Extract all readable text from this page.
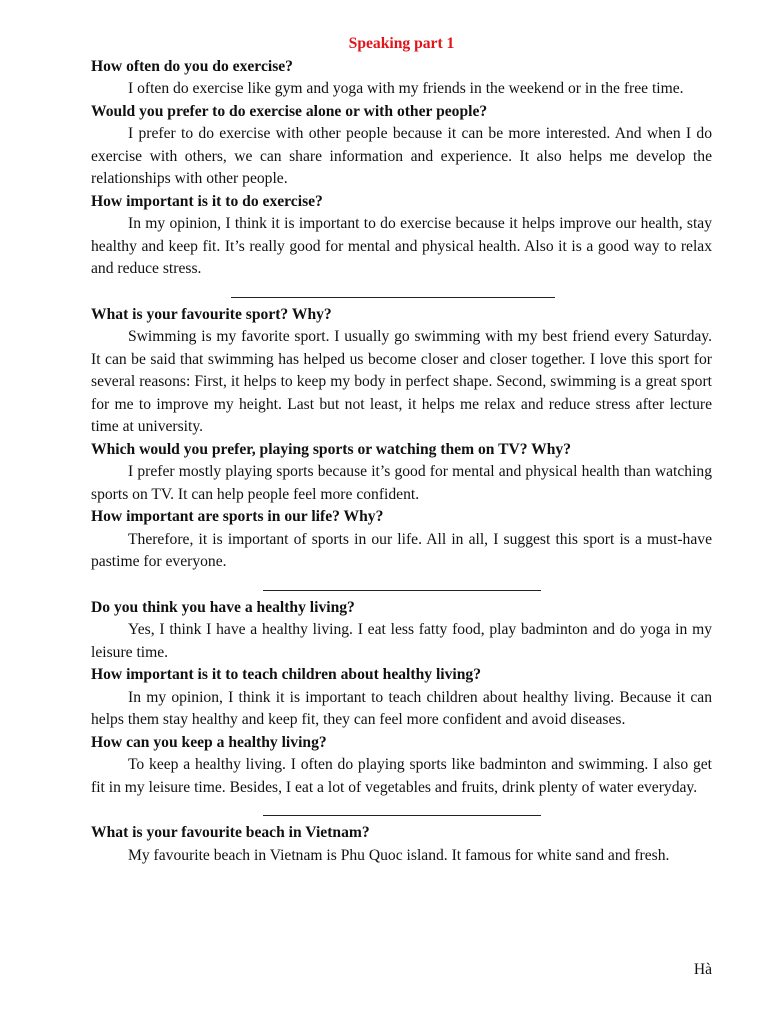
Speaking part 1

How often do you do exercise?

I often do exercise like gym and yoga with my friends in the weekend or in the free time.

Would you prefer to do exercise alone or with other people?

I prefer to do exercise with other people because it can be more interested. And when I do exercise with others, we can share information and experience. It also helps me develop the relationships with other people.

How important is it to do exercise?

In my opinion, I think it is important to do exercise because it helps improve our health, stay healthy and keep fit. It’s really good for mental and physical health. Also it is a good way to relax and reduce stress.

What is your favourite sport? Why?

Swimming is my favorite sport. I usually go swimming with my best friend every Saturday. It can be said that swimming has helped us become closer and closer together. I love this sport for several reasons: First, it helps to keep my body in perfect shape. Second, swimming is a great sport for me to improve my height. Last but not least, it helps me relax and reduce stress after lecture time at university.

Which would you prefer, playing sports or watching them on TV? Why?

I prefer mostly playing sports because it’s good for mental and physical health than watching sports on TV. It can help people feel more confident.

How important are sports in our life? Why?

Therefore, it is important of sports in our life. All in all, I suggest this sport is a must-have pastime for everyone.

Do you think you have a healthy living?

Yes, I think I have a healthy living. I eat less fatty food, play badminton and do yoga in my leisure time.

How important is it to teach children about healthy living?

In my opinion, I think it is important to teach children about healthy living. Because it can helps them stay healthy and keep fit, they can feel more confident and avoid diseases.

How can you keep a healthy living?

To keep a healthy living. I often do playing sports like badminton and swimming. I also get fit in my leisure time. Besides, I eat a lot of vegetables and fruits, drink plenty of water everyday.

What is your favourite beach in Vietnam?

My favourite beach in Vietnam is Phu Quoc island. It famous for white sand and fresh.

Hà
